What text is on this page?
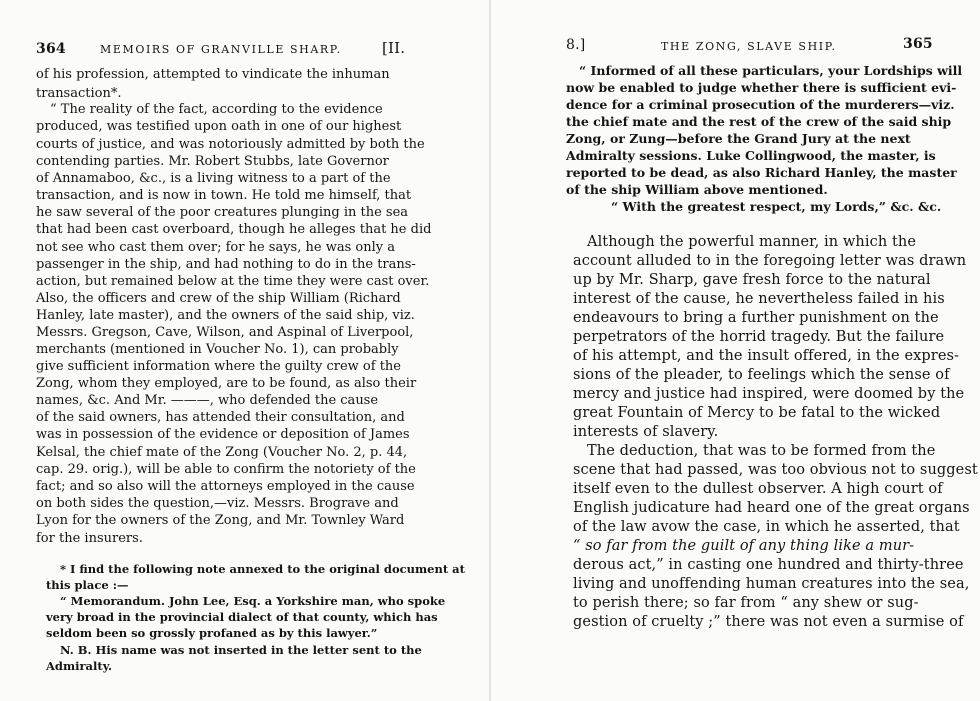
364	MEMOIRS OF GRANVILLE SHARP.	[II.
of his profession, attempted to vindicate the inhuman
transaction*.
“ The reality of the fact, according to the evidence
produced, was testified upon oath in one of our highest
courts of justice, and was notoriously admitted by both the
contending parties. Mr. Robert Stubbs, late Governor
of Annamaboo, &c., is a living witness to a part of the
transaction, and is now in town. He told me himself, that
he saw several of the poor creatures plunging in the sea
that had been cast overboard, though he alleges that he did
not see who cast them over; for he says, he was only a
passenger in the ship, and had nothing to do in the trans-
action, but remained below at the time they were cast over.
Also, the officers and crew of the ship William (Richard
Hanley, late master), and the owners of the said ship, viz.
Messrs. Gregson, Cave, Wilson, and Aspinal of Liverpool,
merchants (mentioned in Voucher No. 1), can probably
give sufficient information where the guilty crew of the
Zong, whom they employed, are to be found, as also their
names, &c. And Mr. ———, who defended the cause
of the said owners, has attended their consultation, and
was in possession of the evidence or deposition of James
Kelsal, the chief mate of the Zong (Voucher No. 2, p. 44,
cap. 29. orig.), will be able to confirm the notoriety of the
fact; and so also will the attorneys employed in the cause
on both sides the question,—viz. Messrs. Brograve and
Lyon for the owners of the Zong, and Mr. Townley Ward
for the insurers.
* I find the following note annexed to the original document at
this place :—
“ Memorandum. John Lee, Esq. a Yorkshire man, who spoke
very broad in the provincial dialect of that county, which has
seldom been so grossly profaned as by this lawyer.”
N. B. His name was not inserted in the letter sent to the
Admiralty.
8.]	THE ZONG, SLAVE SHIP.	365
“ Informed of all these particulars, your Lordships will
now be enabled to judge whether there is sufficient evi-
dence for a criminal prosecution of the murderers—viz.
the chief mate and the rest of the crew of the said ship
Zong, or Zung—before the Grand Jury at the next
Admiralty sessions. Luke Collingwood, the master, is
reported to be dead, as also Richard Hanley, the master
of the ship William above mentioned.
“ With the greatest respect, my Lords,” &c. &c.
Although the powerful manner, in which the
account alluded to in the foregoing letter was drawn
up by Mr. Sharp, gave fresh force to the natural
interest of the cause, he nevertheless failed in his
endeavours to bring a further punishment on the
perpetrators of the horrid tragedy. But the failure
of his attempt, and the insult offered, in the expres-
sions of the pleader, to feelings which the sense of
mercy and justice had inspired, were doomed by the
great Fountain of Mercy to be fatal to the wicked
interests of slavery.
The deduction, that was to be formed from the
scene that had passed, was too obvious not to suggest
itself even to the dullest observer. A high court of
English judicature had heard one of the great organs
of the law avow the case, in which he asserted, that
“ so far from the guilt of any thing like a mur-
derous act,” in casting one hundred and thirty-three
living and unoffending human creatures into the sea,
to perish there; so far from “ any shew or sug-
gestion of cruelty ;” there was not even a surmise of
